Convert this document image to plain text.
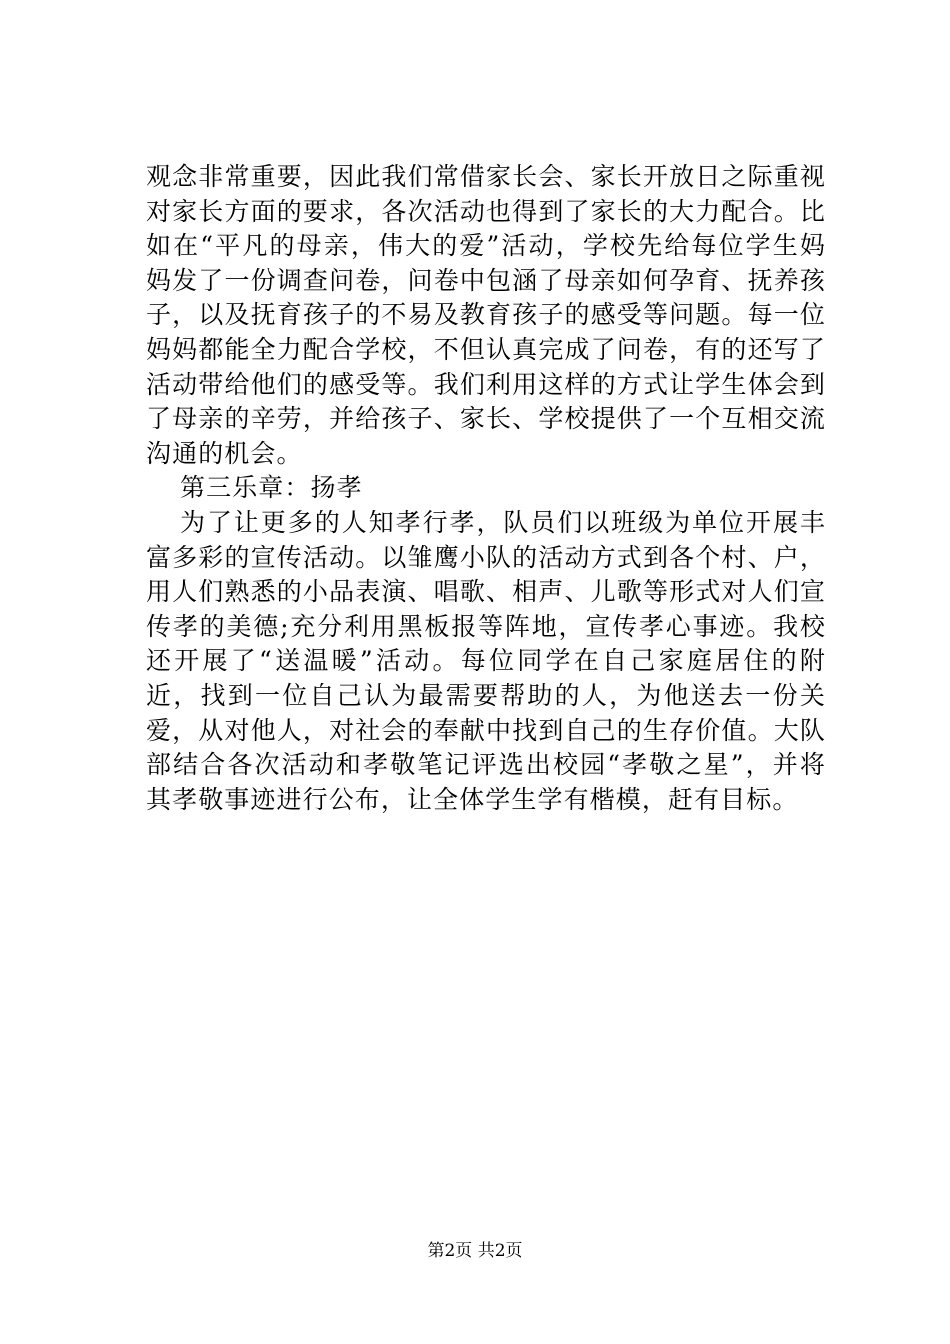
观念非常重要，因此我们常借家长会、家长开放日之际重视对家长方面的要求，各次活动也得到了家长的大力配合。比如在“平凡的母亲，伟大的爱”活动，学校先给每位学生妈妈发了一份调查问卷，问卷中包涵了母亲如何孕育、抚养孩子，以及抚育孩子的不易及教育孩子的感受等问题。每一位妈妈都能全力配合学校，不但认真完成了问卷，有的还写了活动带给他们的感受等。我们利用这样的方式让学生体会到了母亲的辛劳，并给孩子、家长、学校提供了一个互相交流沟通的机会。

第三乐章：扬孝

为了让更多的人知孝行孝，队员们以班级为单位开展丰富多彩的宣传活动。以雏鹰小队的活动方式到各个村、户，用人们熟悉的小品表演、唱歌、相声、儿歌等形式对人们宣传孝的美德;充分利用黑板报等阵地，宣传孝心事迹。我校还开展了“送温暖”活动。每位同学在自己家庭居住的附近，找到一位自己认为最需要帮助的人，为他送去一份关爱，从对他人，对社会的奉献中找到自己的生存价值。大队部结合各次活动和孝敬笔记评选出校园“孝敬之星”，并将其孝敬事迹进行公布，让全体学生学有楷模，赶有目标。

第2页 共2页
